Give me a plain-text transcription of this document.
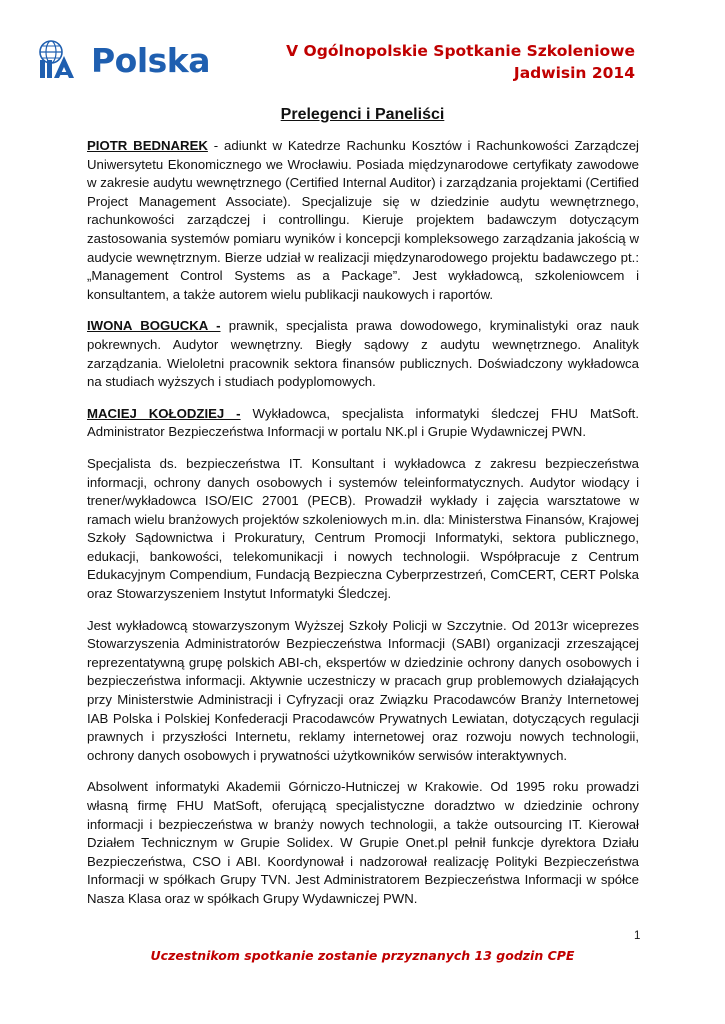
Polska	V Ogólnopolskie Spotkanie Szkoleniowe
Jadwisin 2014
Prelegenci i Paneliści

PIOTR BEDNAREK - adiunkt w Katedrze Rachunku Kosztów i Rachunkowości Zarządczej Uniwersytetu Ekonomicznego we Wrocławiu. Posiada międzynarodowe certyfikaty zawodowe w zakresie audytu wewnętrznego (Certified Internal Auditor) i zarządzania projektami (Certified Project Management Associate). Specjalizuje się w dziedzinie audytu wewnętrznego, rachunkowości zarządczej i controllingu. Kieruje projektem badawczym dotyczącym zastosowania systemów pomiaru wyników i koncepcji kompleksowego zarządzania jakością w audycie wewnętrznym. Bierze udział w realizacji międzynarodowego projektu badawczego pt.: „Management Control Systems as a Package”. Jest wykładowcą, szkoleniowcem i konsultantem, a także autorem wielu publikacji naukowych i raportów.

IWONA BOGUCKA - prawnik, specjalista prawa dowodowego, kryminalistyki oraz nauk pokrewnych. Audytor wewnętrzny. Biegły sądowy z audytu wewnętrznego. Analityk zarządzania. Wieloletni pracownik sektora finansów publicznych. Doświadczony wykładowca na studiach wyższych i studiach podyplomowych.

MACIEJ KOŁODZIEJ - Wykładowca, specjalista informatyki śledczej FHU MatSoft. Administrator Bezpieczeństwa Informacji w portalu NK.pl i Grupie Wydawniczej PWN.

Specjalista ds. bezpieczeństwa IT. Konsultant i wykładowca z zakresu bezpieczeństwa informacji, ochrony danych osobowych i systemów teleinformatycznych. Audytor wiodący i trener/wykładowca ISO/EIC 27001 (PECB). Prowadził wykłady i zajęcia warsztatowe w ramach wielu branżowych projektów szkoleniowych m.in. dla: Ministerstwa Finansów, Krajowej Szkoły Sądownictwa i Prokuratury, Centrum Promocji Informatyki, sektora publicznego, edukacji, bankowości, telekomunikacji i nowych technologii. Współpracuje z Centrum Edukacyjnym Compendium, Fundacją Bezpieczna Cyberprzestrzeń, ComCERT, CERT Polska oraz Stowarzyszeniem Instytut Informatyki Śledczej.

Jest wykładowcą stowarzyszonym Wyższej Szkoły Policji w Szczytnie. Od 2013r wiceprezes Stowarzyszenia Administratorów Bezpieczeństwa Informacji (SABI) organizacji zrzeszającej reprezentatywną grupę polskich ABI-ch, ekspertów w dziedzinie ochrony danych osobowych i bezpieczeństwa informacji. Aktywnie uczestniczy w pracach grup problemowych działających przy Ministerstwie Administracji i Cyfryzacji oraz Związku Pracodawców Branży Internetowej IAB Polska i Polskiej Konfederacji Pracodawców Prywatnych Lewiatan, dotyczących regulacji prawnych i przyszłości Internetu, reklamy internetowej oraz rozwoju nowych technologii, ochrony danych osobowych i prywatności użytkowników serwisów interaktywnych.

Absolwent informatyki Akademii Górniczo-Hutniczej w Krakowie. Od 1995 roku prowadzi własną firmę FHU MatSoft, oferującą specjalistyczne doradztwo w dziedzinie ochrony informacji i bezpieczeństwa w branży nowych technologii, a także outsourcing IT. Kierował Działem Technicznym w Grupie Solidex. W Grupie Onet.pl pełnił funkcje dyrektora Działu Bezpieczeństwa, CSO i ABI. Koordynował i nadzorował realizację Polityki Bezpieczeństwa Informacji w spółkach Grupy TVN. Jest Administratorem Bezpieczeństwa Informacji w spółce Nasza Klasa oraz w spółkach Grupy Wydawniczej PWN.

1
Uczestnikom spotkanie zostanie przyznanych 13 godzin CPE
